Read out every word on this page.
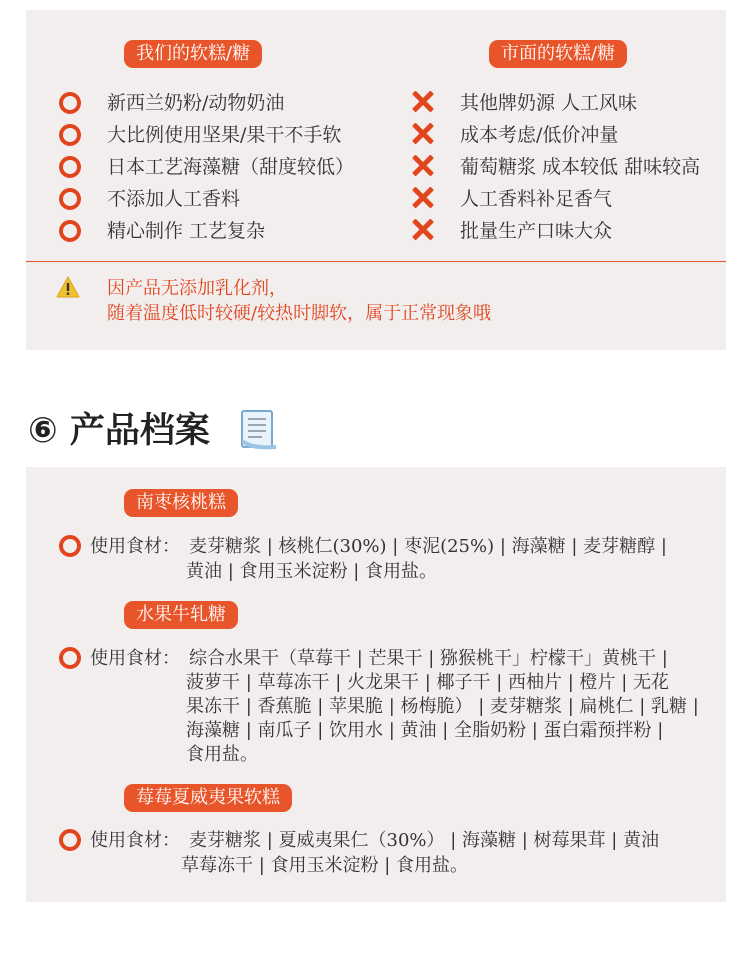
我们的软糕/糖	市面的软糕/糖
新西兰奶粉/动物奶油
大比例使用坚果/果干不手软
日本工艺海藻糖（甜度较低）
不添加人工香料
精心制作 工艺复杂
其他牌奶源 人工风味
成本考虑/低价冲量
葡萄糖浆 成本较低 甜味较高
人工香料补足香气
批量生产口味大众
因产品无添加乳化剂，
随着温度低时较硬/较热时脚软，属于正常现象哦
⑥ 产品档案
南枣核桃糕
使用食材： 麦芽糖浆 | 核桃仁(30%) | 枣泥(25%) | 海藻糖 | 麦芽糖醇 |
黄油 | 食用玉米淀粉 | 食用盐。
水果牛轧糖
使用食材： 综合水果干（草莓干 | 芒果干 | 猕猴桃干」柠檬干」黄桃干 |
菠萝干 | 草莓冻干 | 火龙果干 | 椰子干 | 西柚片 | 橙片 | 无花
果冻干 | 香蕉脆 | 苹果脆 | 杨梅脆） | 麦芽糖浆 | 扁桃仁 | 乳糖 |
海藻糖 | 南瓜子 | 饮用水 | 黄油 | 全脂奶粉 | 蛋白霜预拌粉 |
食用盐。
莓莓夏威夷果软糕
使用食材： 麦芽糖浆 | 夏威夷果仁（30%） | 海藻糖 | 树莓果茸 | 黄油
草莓冻干 | 食用玉米淀粉 | 食用盐。
